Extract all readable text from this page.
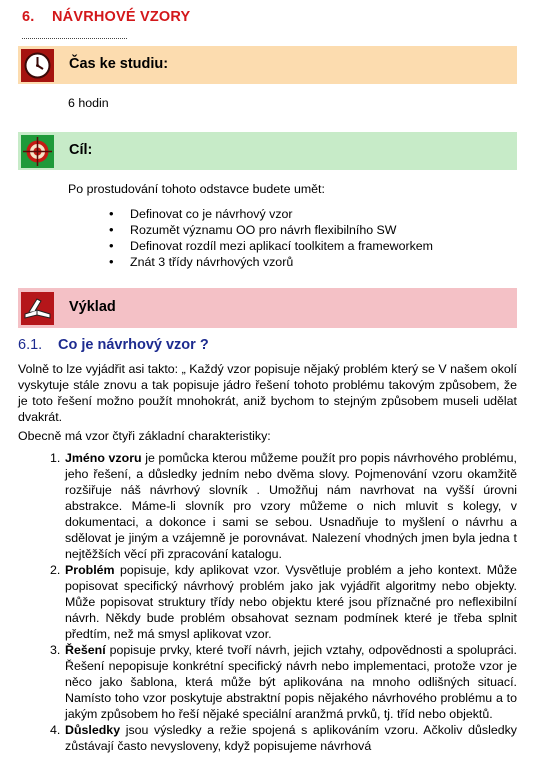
6. NÁVRHOVÉ VZORY
Čas ke studiu:
6 hodin
Cíl:
Po prostudování tohoto odstavce budete umět:
• Definovat co je návrhový vzor
• Rozumět významu OO pro návrh flexibilního SW
• Definovat rozdíl mezi aplikací toolkitem a frameworkem
• Znát 3 třídy návrhových vzorů
Výklad
6.1. Co je návrhový vzor ?
Volně to lze vyjádřit asi takto: „ Každý vzor popisuje nějaký problém který se V našem okolí vyskytuje stále znovu a tak popisuje jádro řešení tohoto problému takovým způsobem, že je toto řešení možno použít mnohokrát, aniž bychom to stejným způsobem museli udělat dvakrát.
Obecně má vzor čtyři základní charakteristiky:
1. Jméno vzoru je pomůcka kterou můžeme použít pro popis návrhového problému, jeho řešení, a důsledky jedním nebo dvěma slovy. Pojmenování vzoru okamžitě rozšiřuje náš návrhový slovník . Umožňuj nám navrhovat na vyšší úrovni abstrakce. Máme-li slovník pro vzory můžeme o nich mluvit s kolegy, v dokumentaci, a dokonce i sami se sebou. Usnadňuje to myšlení o návrhu a sdělovat je jiným a vzájemně je porovnávat. Nalezení vhodných jmen byla jedna t nejtěžších věcí při zpracování katalogu.
2. Problém popisuje, kdy aplikovat vzor. Vysvětluje problém a jeho kontext. Může popisovat specifický návrhový problém jako jak vyjádřit algoritmy nebo objekty. Může popisovat struktury třídy nebo objektu které jsou příznačné pro neflexibilní návrh. Někdy bude problém obsahovat seznam podmínek které je třeba splnit předtím, než má smysl aplikovat vzor.
3. Řešení popisuje prvky, které tvoří návrh, jejich vztahy, odpovědnosti a spolupráci. Řešení nepopisuje konkrétní specifický návrh nebo implementaci, protože vzor je něco jako šablona, která může být aplikována na mnoho odlišných situací. Namísto toho vzor poskytuje abstraktní popis nějakého návrhového problému a to jakým způsobem ho řeší nějaké speciální aranžmá prvků, tj. tříd nebo objektů.
4. Důsledky jsou výsledky a režie spojená s aplikováním vzoru. Ačkoliv důsledky zůstávají často nevysloveny, když popisujeme návrhová
